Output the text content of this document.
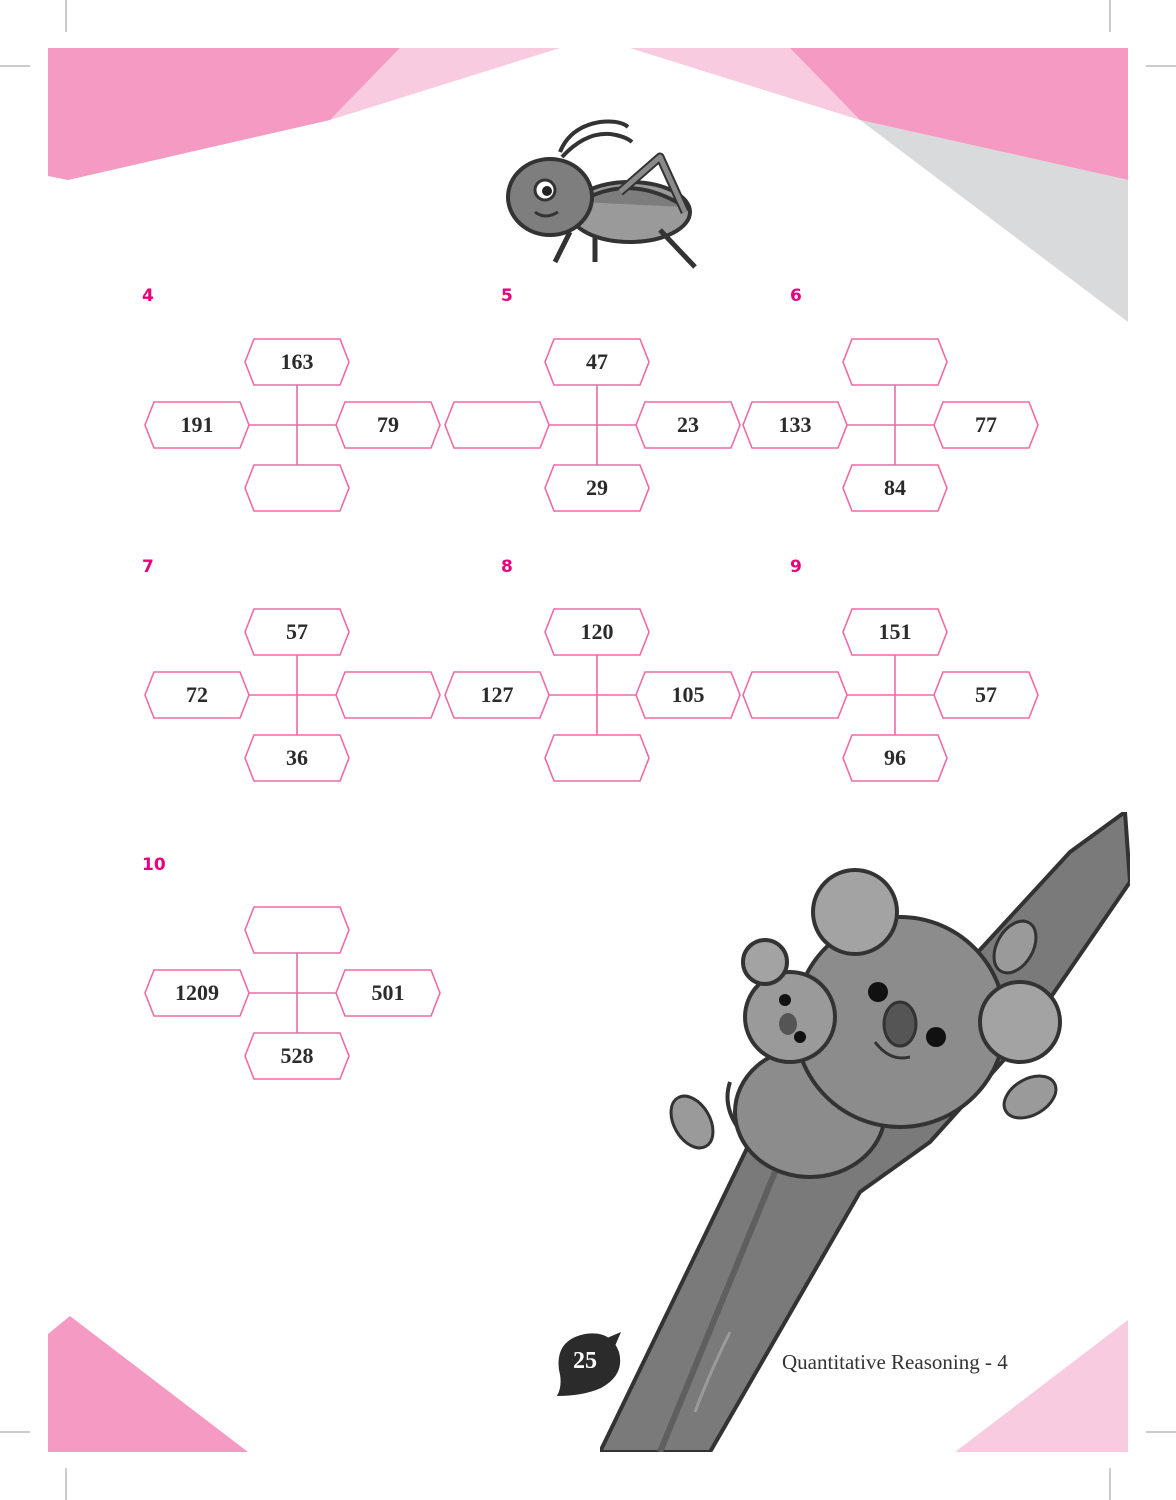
4
163
191	79
5
47
23
29
6
133	77
84
7
57
72
36
8
120
127	105
9
151
57
96
10
1209	501
528
25	Quantitative Reasoning - 4
